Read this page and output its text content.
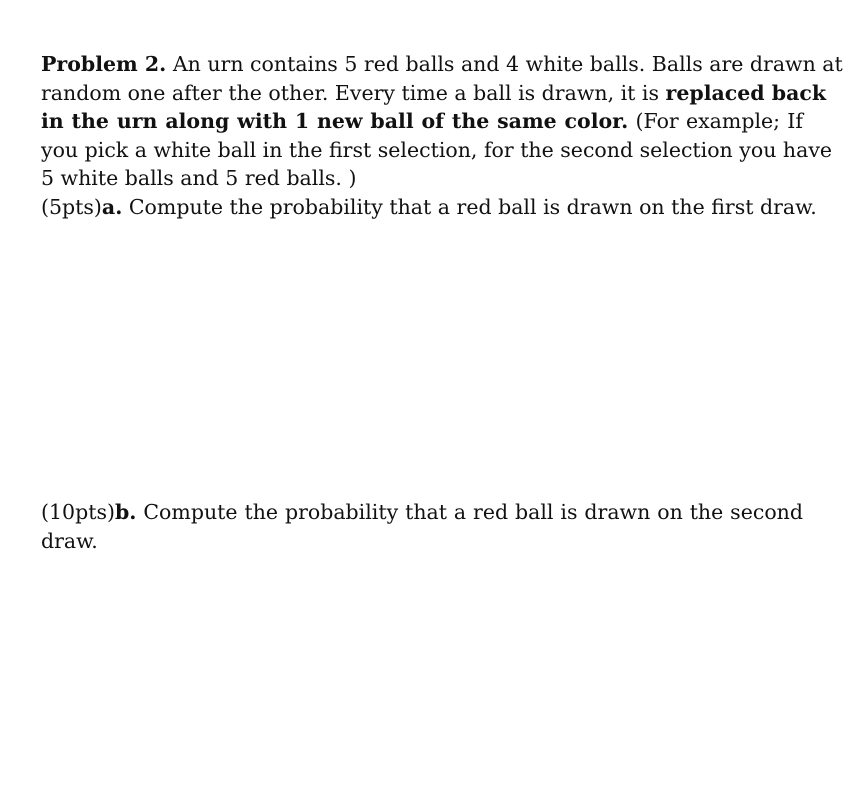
Problem 2. An urn contains 5 red balls and 4 white balls. Balls are drawn at
random one after the other. Every time a ball is drawn, it is replaced back
in the urn along with 1 new ball of the same color. (For example; If
you pick a white ball in the first selection, for the second selection you have
5 white balls and 5 red balls. )
(5pts)a. Compute the probability that a red ball is drawn on the first draw.
(10pts)b. Compute the probability that a red ball is drawn on the second
draw.
